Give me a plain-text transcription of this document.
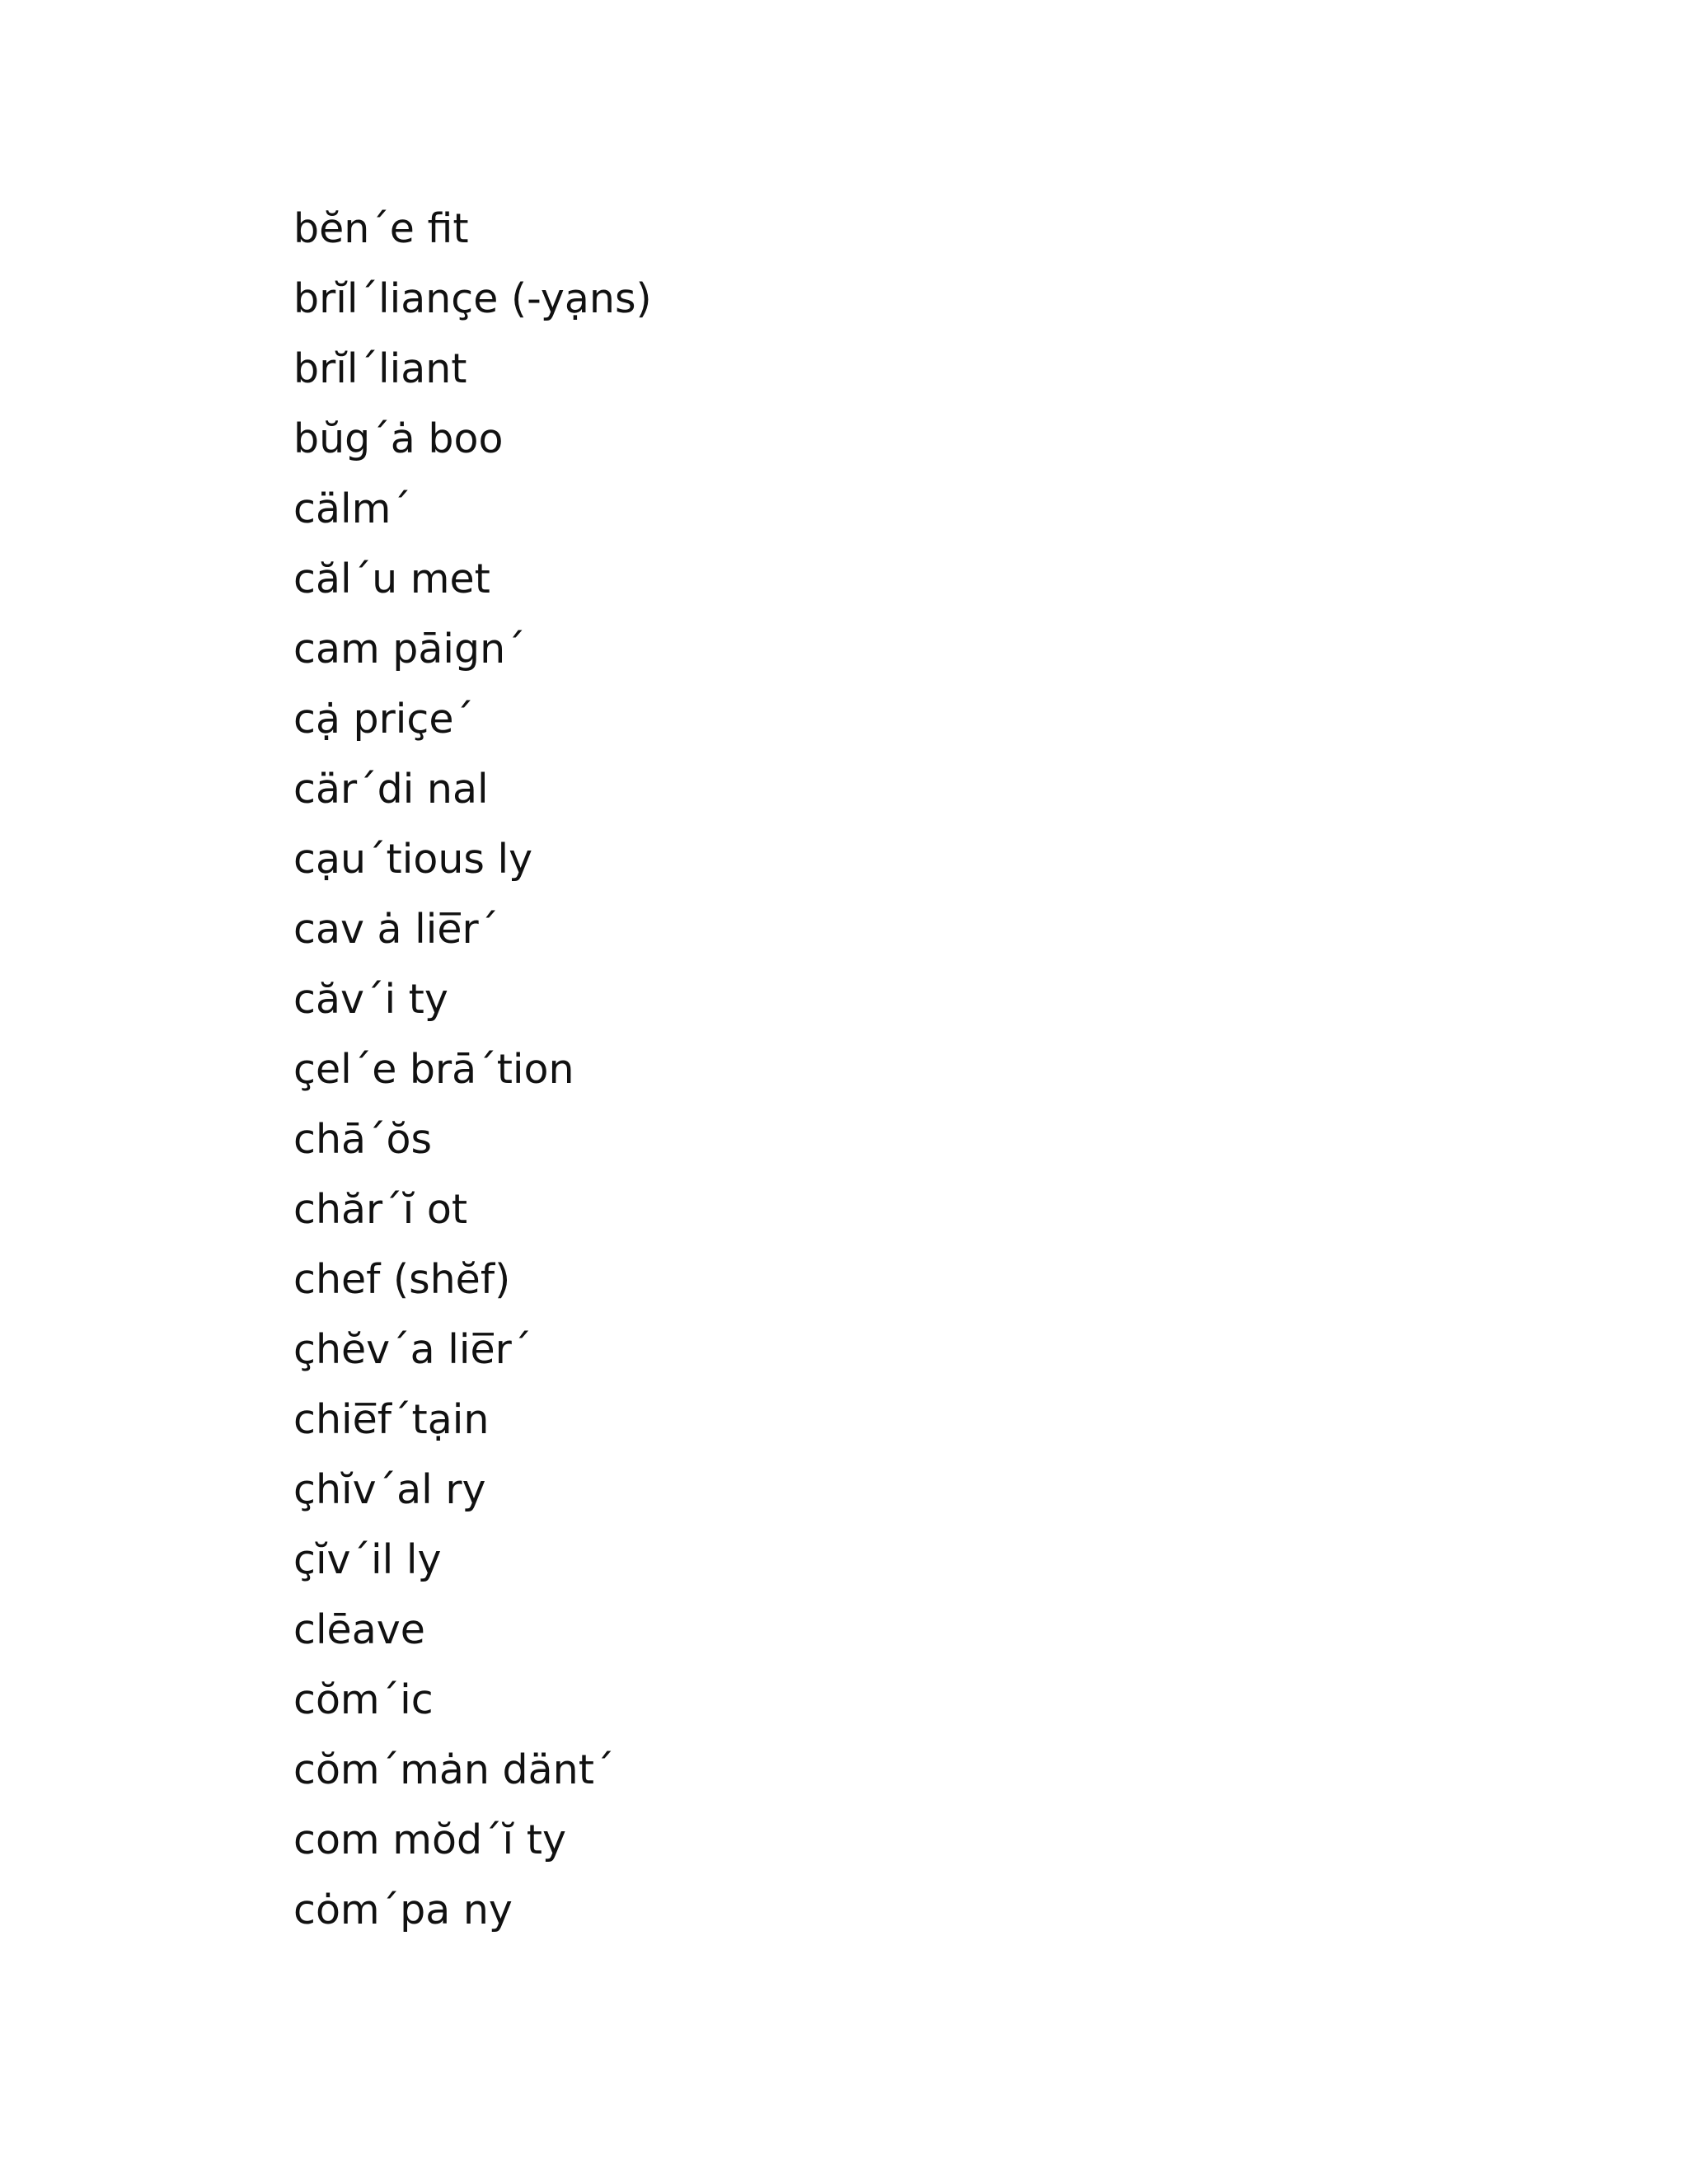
bĕn´e fit
brĭl´liançe (-yạns)
brĭl´liant
bŭg´ȧ boo
cälm´
căl´u met
cam pāign´
cạ̇ priçe´
cär´di nal
cạu´tious ly
cav ȧ lie̅r´
căv´i ty
çel´e brā´tion
chā´ŏs
chăr´ĭ ot
chef (shĕf)
çhĕv´a lie̅r´
chie̅f´tạin
çhĭv´al ry
çĭv´il ly
clēave
cŏm´ic
cŏm´mȧn dänt´
com mŏd´ĭ ty
cȯm´pa ny
